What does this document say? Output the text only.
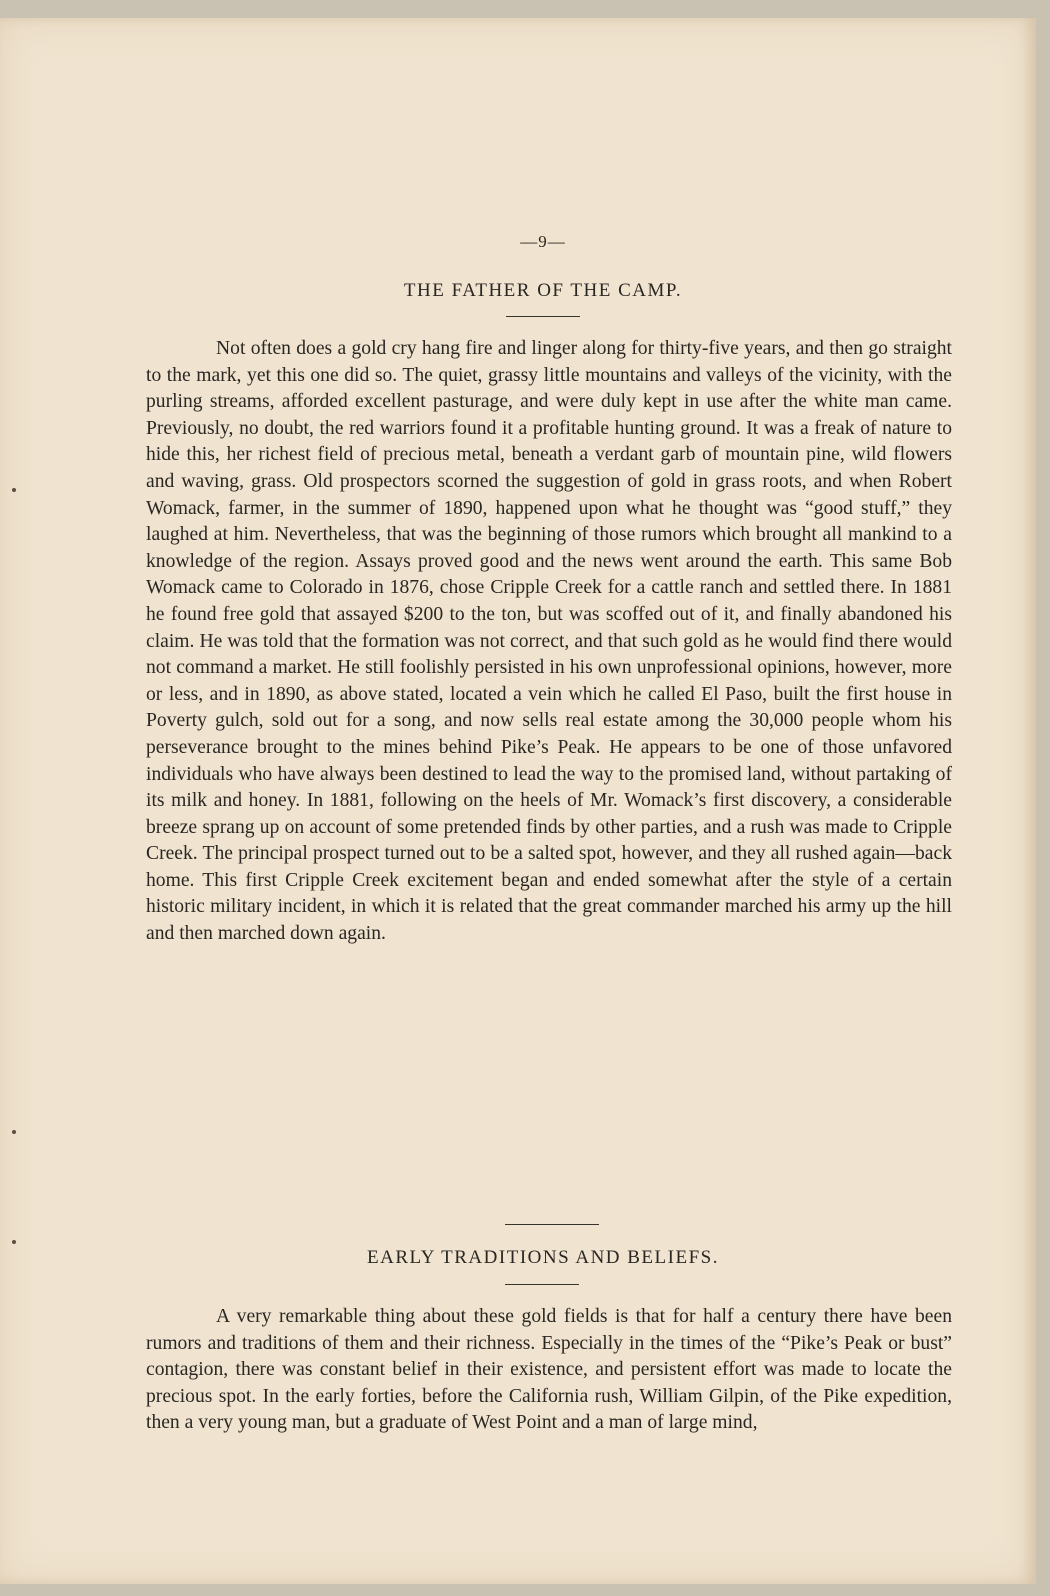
—9—
THE FATHER OF THE CAMP.

Not often does a gold cry hang fire and linger along for thirty-five years, and then go straight to the mark, yet this one did so. The quiet, grassy little mountains and valleys of the vicinity, with the purling streams, afforded excellent pasturage, and were duly kept in use after the white man came. Previously, no doubt, the red warriors found it a profitable hunting ground. It was a freak of nature to hide this, her richest field of precious metal, beneath a verdant garb of mountain pine, wild flowers and waving, grass. Old prospectors scorned the suggestion of gold in grass roots, and when Robert Womack, farmer, in the summer of 1890, happened upon what he thought was “good stuff,” they laughed at him. Nevertheless, that was the beginning of those rumors which brought all mankind to a knowledge of the region. Assays proved good and the news went around the earth. This same Bob Womack came to Colorado in 1876, chose Cripple Creek for a cattle ranch and settled there. In 1881 he found free gold that assayed $200 to the ton, but was scoffed out of it, and finally abandoned his claim. He was told that the formation was not correct, and that such gold as he would find there would not command a market. He still foolishly persisted in his own unprofessional opinions, however, more or less, and in 1890, as above stated, located a vein which he called El Paso, built the first house in Poverty gulch, sold out for a song, and now sells real estate among the 30,000 people whom his perseverance brought to the mines behind Pike’s Peak. He appears to be one of those unfavored individuals who have always been destined to lead the way to the promised land, without partaking of its milk and honey. In 1881, following on the heels of Mr. Womack’s first discovery, a considerable breeze sprang up on account of some pretended finds by other parties, and a rush was made to Cripple Creek. The principal prospect turned out to be a salted spot, however, and they all rushed again—back home. This first Cripple Creek excitement began and ended somewhat after the style of a certain historic military incident, in which it is related that the great commander marched his army up the hill and then marched down again.

EARLY TRADITIONS AND BELIEFS.

A very remarkable thing about these gold fields is that for half a century there have been rumors and traditions of them and their richness. Especially in the times of the “Pike’s Peak or bust” contagion, there was constant belief in their existence, and persistent effort was made to locate the precious spot. In the early forties, before the California rush, William Gilpin, of the Pike expedition, then a very young man, but a graduate of West Point and a man of large mind,
